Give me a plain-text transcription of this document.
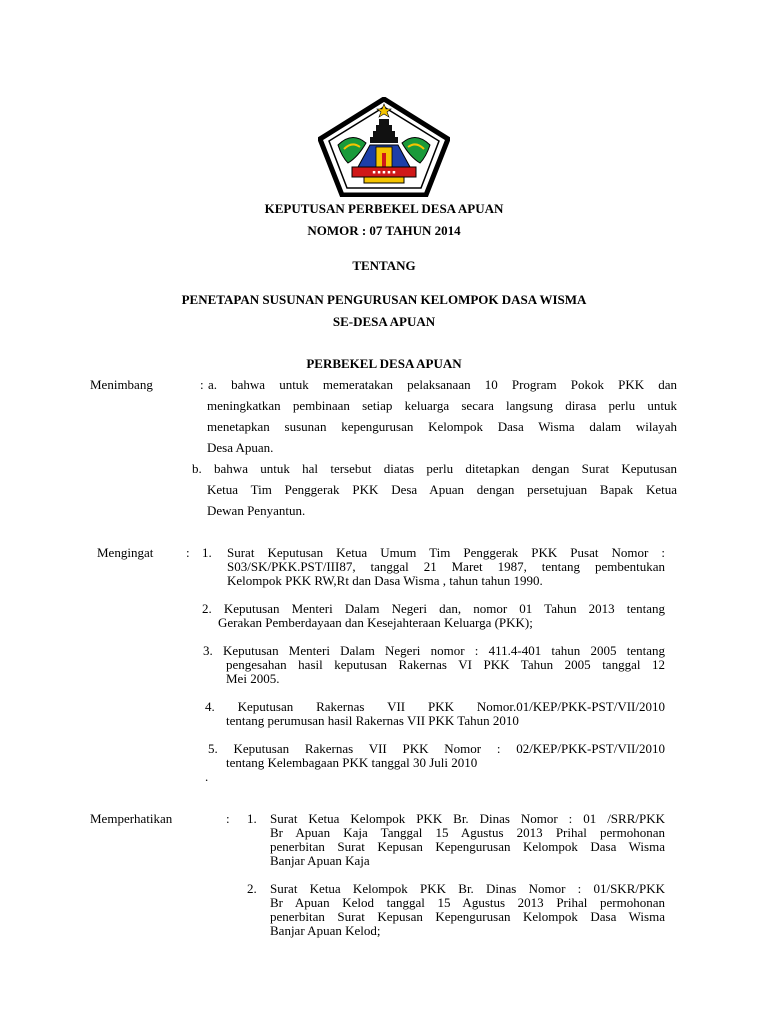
▪ ▪ ▪ ▪ ▪

KEPUTUSAN PERBEKEL DESA APUAN

NOMOR : 07 TAHUN 2014

TENTANG

PENETAPAN SUSUNAN PENGURUSAN KELOMPOK DASA WISMA

SE-DESA APUAN

PERBEKEL DESA APUAN

Menimbang	: a. bahwa untuk memeratakan pelaksanaan 10 Program Pokok PKK dan
meningkatkan pembinaan setiap keluarga secara langsung dirasa perlu untuk
menetapkan susunan kepengurusan Kelompok Dasa Wisma dalam wilayah
Desa Apuan.
b. bahwa untuk hal tersebut diatas perlu ditetapkan dengan Surat Keputusan
Ketua Tim Penggerak PKK Desa Apuan dengan persetujuan Bapak Ketua
Dewan Penyantun.
Mengingat	: 1. Surat Keputusan Ketua Umum Tim Penggerak PKK Pusat Nomor :
S03/SK/PKK.PST/III87, tanggal 21 Maret 1987, tentang pembentukan
Kelompok PKK RW,Rt dan Dasa Wisma , tahun tahun 1990.
2. Keputusan Menteri Dalam Negeri dan, nomor 01 Tahun 2013 tentang
Gerakan Pemberdayaan dan Kesejahteraan Keluarga (PKK);
3. Keputusan Menteri Dalam Negeri nomor : 411.4-401 tahun 2005 tentang
pengesahan hasil keputusan Rakernas VI PKK Tahun 2005 tanggal 12
Mei 2005.
4. Keputusan Rakernas VII PKK Nomor.01/KEP/PKK-PST/VII/2010
tentang perumusan hasil Rakernas VII PKK Tahun 2010
5. Keputusan Rakernas VII PKK Nomor : 02/KEP/PKK-PST/VII/2010
tentang Kelembagaan PKK tanggal 30 Juli 2010
.
Memperhatikan	: 1. Surat Ketua Kelompok PKK Br. Dinas Nomor : 01 /SRR/PKK
Br Apuan Kaja Tanggal 15 Agustus 2013 Prihal permohonan
penerbitan Surat Kepusan Kepengurusan Kelompok Dasa Wisma
Banjar Apuan Kaja
2. Surat Ketua Kelompok PKK Br. Dinas Nomor : 01/SKR/PKK
Br Apuan Kelod tanggal 15 Agustus 2013 Prihal permohonan
penerbitan Surat Kepusan Kepengurusan Kelompok Dasa Wisma
Banjar Apuan Kelod;
